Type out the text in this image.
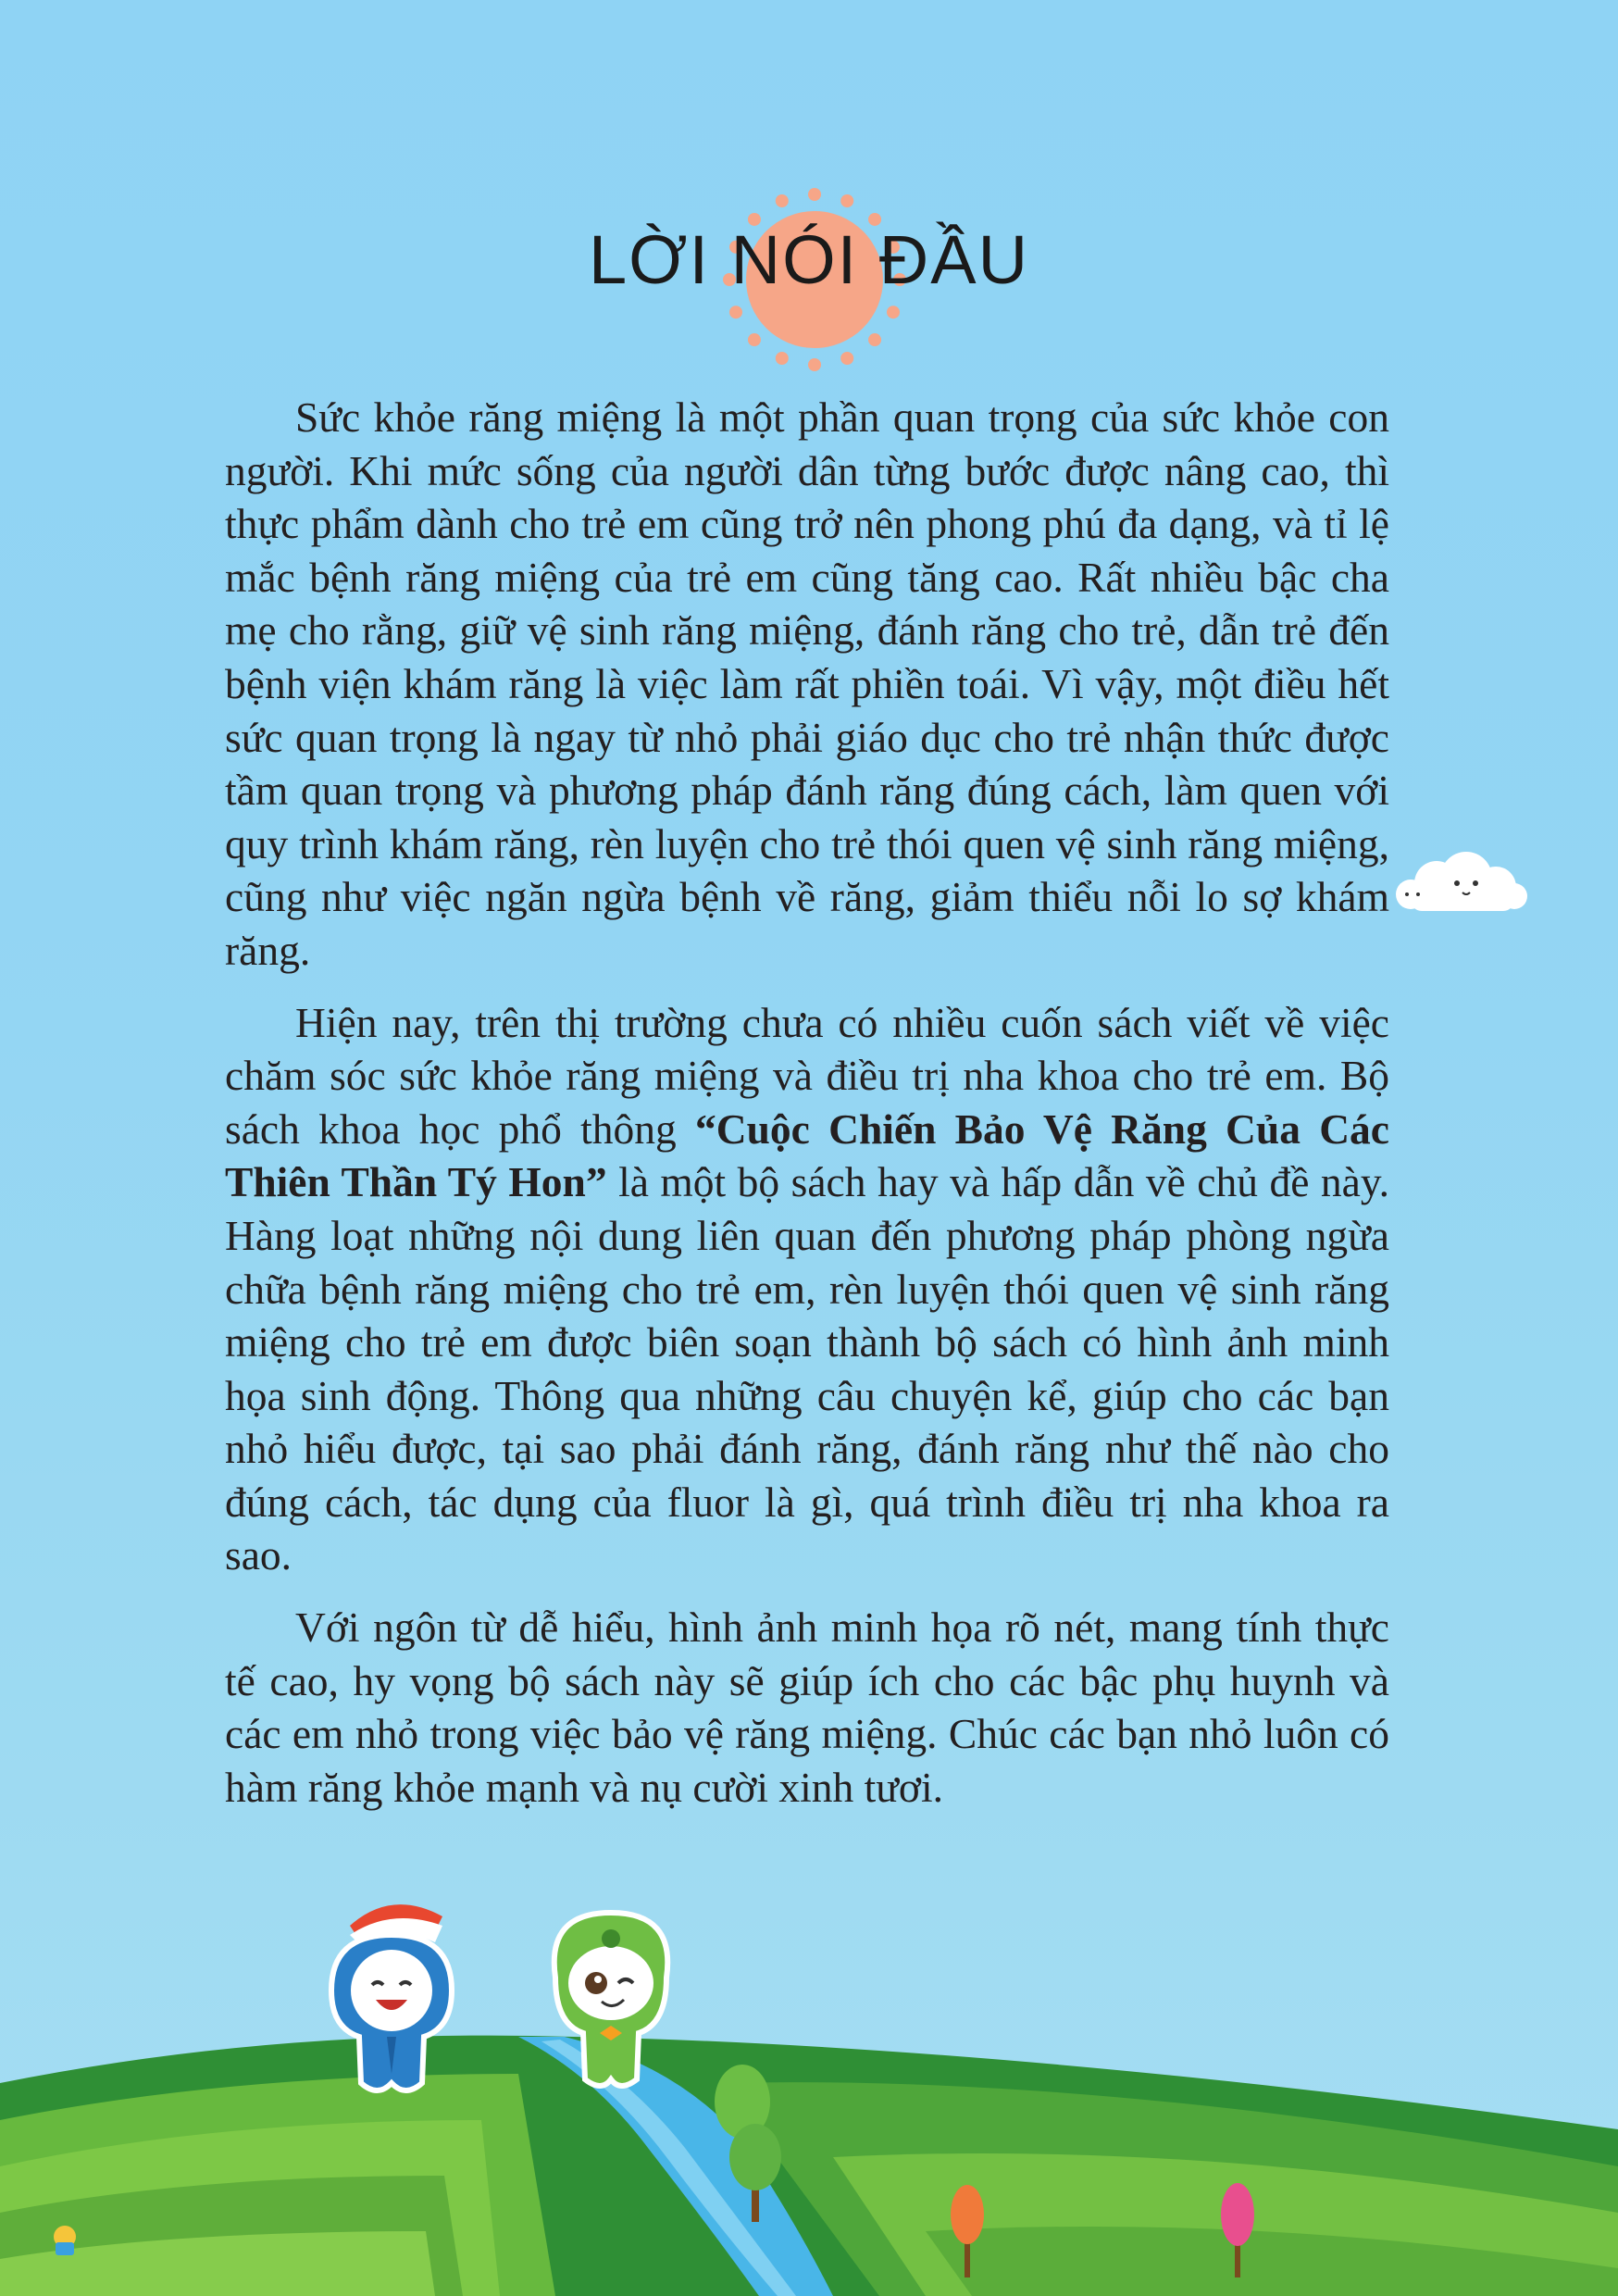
LỜI NÓI ĐẦU

Sức khỏe răng miệng là một phần quan trọng của sức khỏe con người. Khi mức sống của người dân từng bước được nâng cao, thì thực phẩm dành cho trẻ em cũng trở nên phong phú đa dạng, và tỉ lệ mắc bệnh răng miệng của trẻ em cũng tăng cao. Rất nhiều bậc cha mẹ cho rằng, giữ vệ sinh răng miệng, đánh răng cho trẻ, dẫn trẻ đến bệnh viện khám răng là việc làm rất phiền toái. Vì vậy, một điều hết sức quan trọng là ngay từ nhỏ phải giáo dục cho trẻ nhận thức được tầm quan trọng và phương pháp đánh răng đúng cách, làm quen với quy trình khám răng, rèn luyện cho trẻ thói quen vệ sinh răng miệng, cũng như việc ngăn ngừa bệnh về răng, giảm thiểu nỗi lo sợ khám răng.

Hiện nay, trên thị trường chưa có nhiều cuốn sách viết về việc chăm sóc sức khỏe răng miệng và điều trị nha khoa cho trẻ em. Bộ sách khoa học phổ thông “Cuộc Chiến Bảo Vệ Răng Của Các Thiên Thần Tý Hon” là một bộ sách hay và hấp dẫn về chủ đề này. Hàng loạt những nội dung liên quan đến phương pháp phòng ngừa chữa bệnh răng miệng cho trẻ em, rèn luyện thói quen vệ sinh răng miệng cho trẻ em được biên soạn thành bộ sách có hình ảnh minh họa sinh động. Thông qua những câu chuyện kể, giúp cho các bạn nhỏ hiểu được, tại sao phải đánh răng, đánh răng như thế nào cho đúng cách, tác dụng của fluor là gì, quá trình điều trị nha khoa ra sao.

Với ngôn từ dễ hiểu, hình ảnh minh họa rõ nét, mang tính thực tế cao, hy vọng bộ sách này sẽ giúp ích cho các bậc phụ huynh và các em nhỏ trong việc bảo vệ răng miệng. Chúc các bạn nhỏ luôn có hàm răng khỏe mạnh và nụ cười xinh tươi.
